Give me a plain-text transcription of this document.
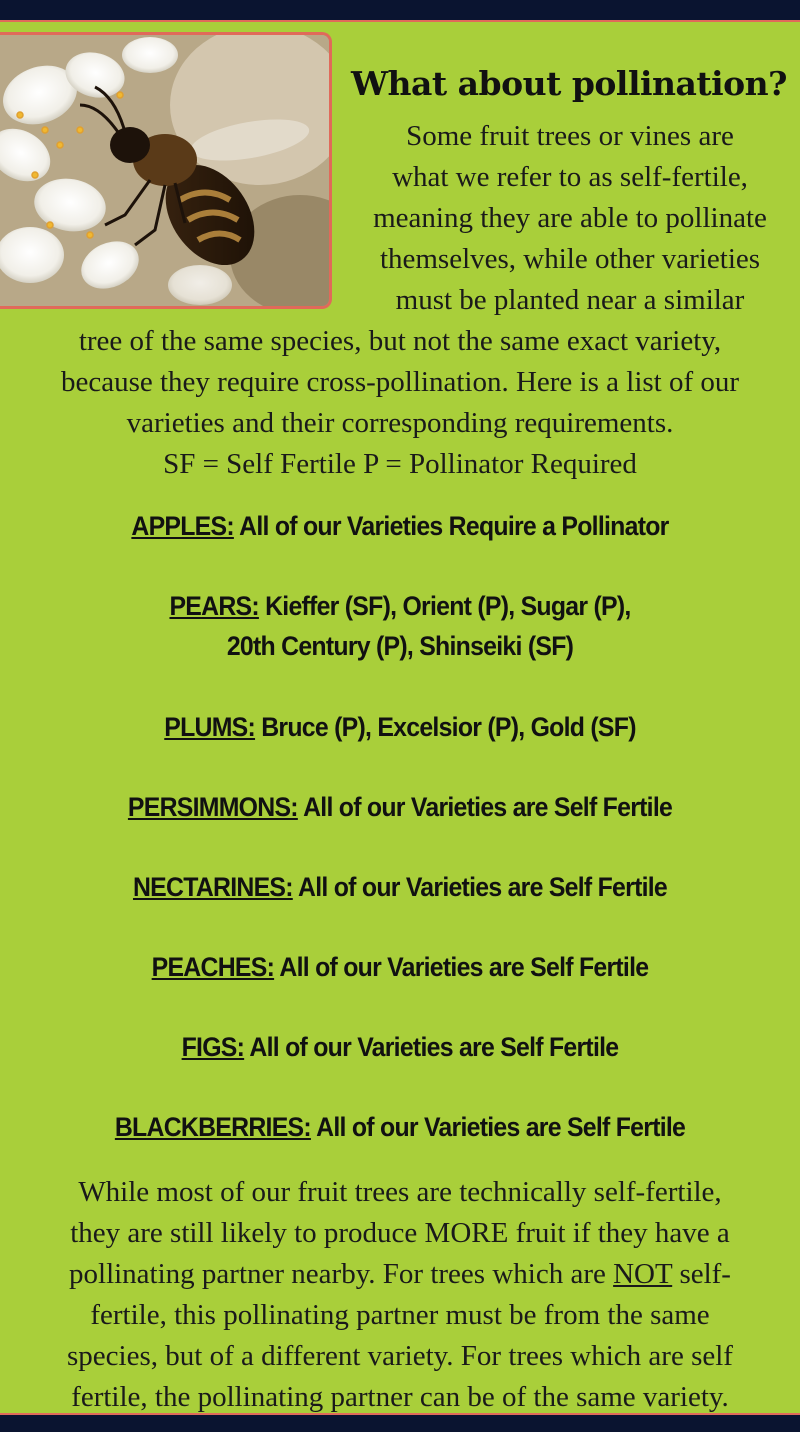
What about pollination?
Some fruit trees or vines are
what we refer to as self-fertile,
meaning they are able to pollinate
themselves, while other varieties
must be planted near a similar
tree of the same species, but not the same exact variety,
because they require cross-pollination. Here is a list of our
varieties and their corresponding requirements.
SF = Self Fertile P = Pollinator Required
APPLES: All of our Varieties Require a Pollinator
PEARS: Kieffer (SF), Orient (P), Sugar (P),
20th Century (P), Shinseiki (SF)
PLUMS: Bruce (P), Excelsior (P), Gold (SF)
PERSIMMONS: All of our Varieties are Self Fertile
NECTARINES: All of our Varieties are Self Fertile
PEACHES: All of our Varieties are Self Fertile
FIGS: All of our Varieties are Self Fertile
BLACKBERRIES: All of our Varieties are Self Fertile
While most of our fruit trees are technically self-fertile,
they are still likely to produce MORE fruit if they have a
pollinating partner nearby. For trees which are NOT self-
fertile, this pollinating partner must be from the same
species, but of a different variety. For trees which are self
fertile, the pollinating partner can be of the same variety.
